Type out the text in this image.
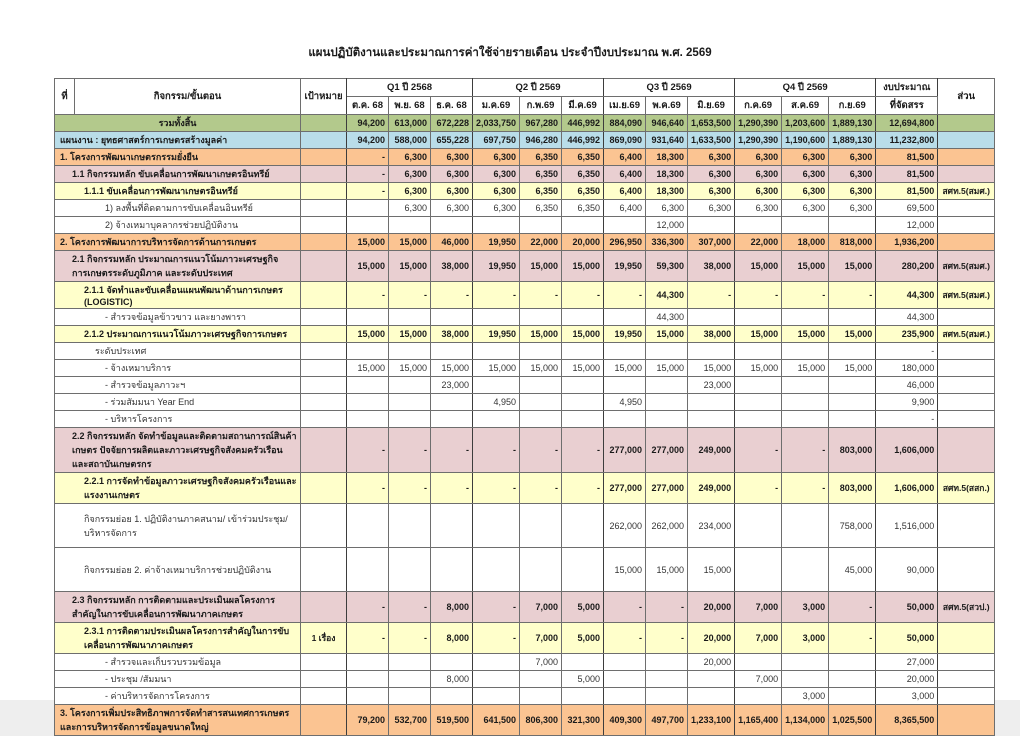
แผนปฏิบัติงานและประมาณการค่าใช้จ่ายรายเดือน ประจำปีงบประมาณ พ.ศ. 2569
ที่	กิจกรรม/ขั้นตอน	เป้าหมาย	Q1 ปี 2568			Q2 ปี 2569			Q3 ปี 2569			Q4 ปี 2569			งบประมาณ	ส่วน
			ต.ค. 68	พ.ย. 68	ธ.ค. 68	ม.ค.69	ก.พ.69	มี.ค.69	เม.ย.69	พ.ค.69	มิ.ย.69	ก.ค.69	ส.ค.69	ก.ย.69	ที่จัดสรร	
รวมทั้งสิ้น			94,200	613,000	672,228	2,033,750	967,280	446,992	884,090	946,640	1,653,500	1,290,390	1,203,600	1,889,130	12,694,800	
แผนงาน : ยุทธศาสตร์การเกษตรสร้างมูลค่า			94,200	588,000	655,228	697,750	946,280	446,992	869,090	931,640	1,633,500	1,290,390	1,190,600	1,889,130	11,232,800	
1. โครงการพัฒนาเกษตรกรรมยั่งยืน			-	6,300	6,300	6,300	6,350	6,350	6,400	18,300	6,300	6,300	6,300	6,300	81,500	
1.1 กิจกรรมหลัก ขับเคลื่อนการพัฒนาเกษตรอินทรีย์			-	6,300	6,300	6,300	6,350	6,350	6,400	18,300	6,300	6,300	6,300	6,300	81,500	
1.1.1 ขับเคลื่อนการพัฒนาเกษตรอินทรีย์			-	6,300	6,300	6,300	6,350	6,350	6,400	18,300	6,300	6,300	6,300	6,300	81,500	สศท.5(สมศ.)
1) ลงพื้นที่ติดตามการขับเคลื่อนอินทรีย์				6,300	6,300	6,300	6,350	6,350	6,400	6,300	6,300	6,300	6,300	6,300	69,500	
2) จ้างเหมาบุคลากรช่วยปฏิบัติงาน										12,000					12,000	
2. โครงการพัฒนาการบริหารจัดการด้านการเกษตร			15,000	15,000	46,000	19,950	22,000	20,000	296,950	336,300	307,000	22,000	18,000	818,000	1,936,200	
2.1 กิจกรรมหลัก ประมาณการแนวโน้มภาวะเศรษฐกิจการเกษตรระดับภูมิภาค และระดับประเทศ			15,000	15,000	38,000	19,950	15,000	15,000	19,950	59,300	38,000	15,000	15,000	15,000	280,200	สศท.5(สมศ.)
2.1.1 จัดทำและขับเคลื่อนแผนพัฒนาด้านการเกษตร (LOGISTIC)			-	-	-	-	-	-	-	44,300	-	-	-	-	44,300	สศท.5(สมศ.)
- สำรวจข้อมูลข้าวขาว และยางพารา										44,300					44,300	
2.1.2 ประมาณการแนวโน้มภาวะเศรษฐกิจการเกษตร			15,000	15,000	38,000	19,950	15,000	15,000	19,950	15,000	38,000	15,000	15,000	15,000	235,900	สศท.5(สมศ.)
ระดับประเทศ															-	
- จ้างเหมาบริการ			15,000	15,000	15,000	15,000	15,000	15,000	15,000	15,000	15,000	15,000	15,000	15,000	180,000	
- สำรวจข้อมูลภาวะฯ					23,000						23,000				46,000	
- ร่วมสัมมนา Year End						4,950			4,950						9,900	
- บริหารโครงการ															-	
2.2 กิจกรรมหลัก จัดทำข้อมูลและติดตามสถานการณ์สินค้าเกษตร ปัจจัยการผลิตและภาวะเศรษฐกิจสังคมครัวเรือนและสถาบันเกษตรกร			-	-	-	-	-	-	277,000	277,000	249,000	-	-	803,000	1,606,000	
2.2.1 การจัดทำข้อมูลภาวะเศรษฐกิจสังคมครัวเรือนและแรงงานเกษตร			-	-	-	-	-	-	277,000	277,000	249,000	-	-	803,000	1,606,000	สศท.5(สสก.)
กิจกรรมย่อย 1. ปฏิบัติงานภาคสนาม/ เข้าร่วมประชุม/ บริหารจัดการ									262,000	262,000	234,000			758,000	1,516,000	
กิจกรรมย่อย 2. ค่าจ้างเหมาบริการช่วยปฏิบัติงาน									15,000	15,000	15,000			45,000	90,000	
2.3 กิจกรรมหลัก การติดตามและประเมินผลโครงการสำคัญในการขับเคลื่อนการพัฒนาภาคเกษตร			-	-	8,000	-	7,000	5,000	-	-	20,000	7,000	3,000	-	50,000	สศท.5(สวป.)
2.3.1 การติดตามประเมินผลโครงการสำคัญในการขับเคลื่อนการพัฒนาภาคเกษตร		1 เรื่อง	-	-	8,000	-	7,000	5,000	-	-	20,000	7,000	3,000	-	50,000	
- สำรวจและเก็บรวบรวมข้อมูล							7,000				20,000				27,000	
- ประชุม /สัมมนา					8,000			5,000				7,000			20,000	
- ค่าบริหารจัดการโครงการ													3,000		3,000	
3. โครงการเพิ่มประสิทธิภาพการจัดทำสารสนเทศการเกษตรและการบริหารจัดการข้อมูลขนาดใหญ่			79,200	532,700	519,500	641,500	806,300	321,300	409,300	497,700	1,233,100	1,165,400	1,134,000	1,025,500	8,365,500	
